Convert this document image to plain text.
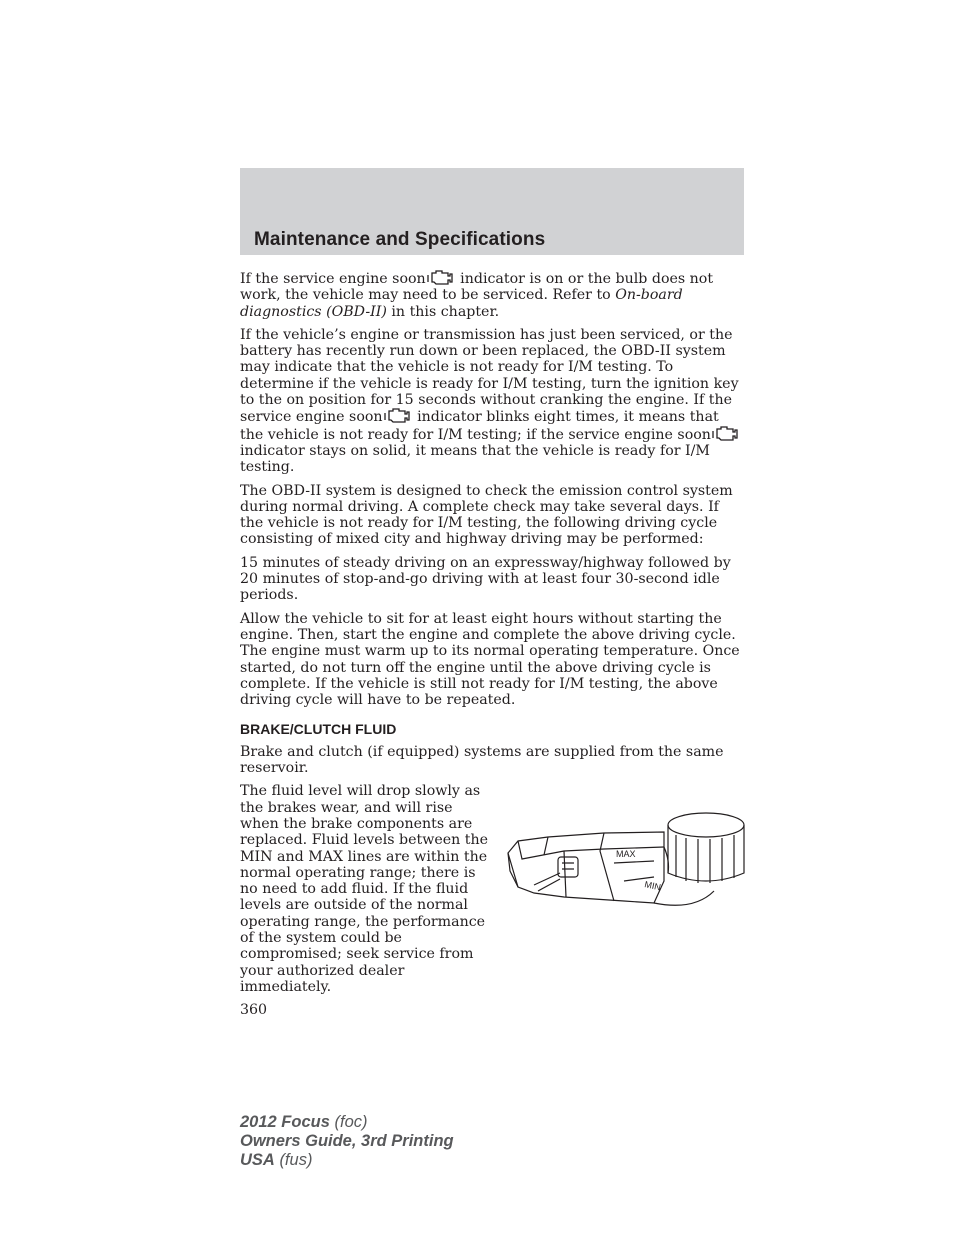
Maintenance and Specifications

If the service engine soon
indicator is on or the bulb does not work, the vehicle may need to be serviced. Refer to On-board diagnostics (OBD-II) in this chapter.

If the vehicle’s engine or transmission has just been serviced, or the battery has recently run down or been replaced, the OBD-II system may indicate that the vehicle is not ready for I/M testing. To determine if the vehicle is ready for I/M testing, turn the ignition key to the on position for 15 seconds without cranking the engine. If the service engine soon
indicator blinks eight times, it means that the vehicle is not ready for I/M testing; if the service engine soon
indicator stays on solid, it means that the vehicle is ready for I/M testing.

The OBD-II system is designed to check the emission control system during normal driving. A complete check may take several days. If the vehicle is not ready for I/M testing, the following driving cycle consisting of mixed city and highway driving may be performed:

15 minutes of steady driving on an expressway/highway followed by
20 minutes of stop-and-go driving with at least four 30-second idle periods.

Allow the vehicle to sit for at least eight hours without starting the engine. Then, start the engine and complete the above driving cycle. The engine must warm up to its normal operating temperature. Once started, do not turn off the engine until the above driving cycle is complete. If the vehicle is still not ready for I/M testing, the above driving cycle will have to be repeated.

BRAKE/CLUTCH FLUID

Brake and clutch (if equipped) systems are supplied from the same reservoir.

The fluid level will drop slowly as the brakes wear, and will rise when the brake components are replaced. Fluid levels between the MIN and MAX lines are within the normal operating range; there is no need to add fluid. If the fluid levels are outside of the normal operating range, the performance of the system could be compromised; seek service from your authorized dealer immediately.

MAX
MIN
360
2012 Focus (foc)
Owners Guide, 3rd Printing
USA (fus)
